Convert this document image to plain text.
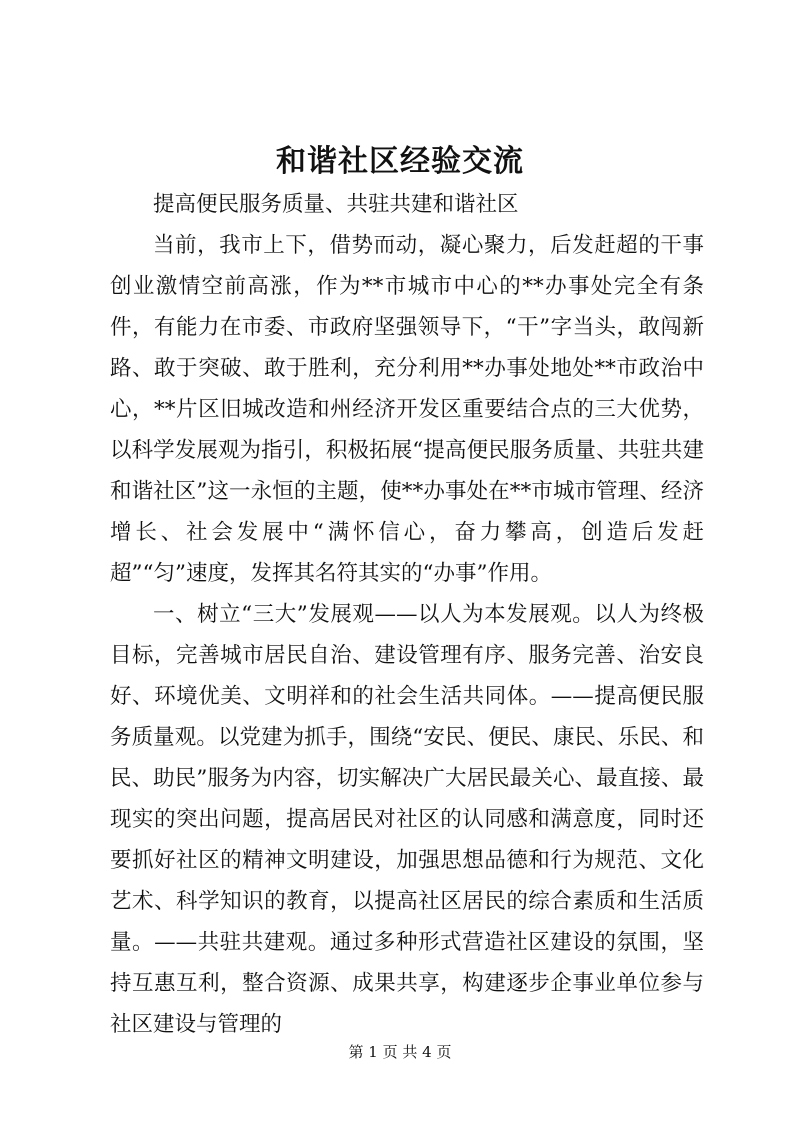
和谐社区经验交流

提高便民服务质量、共驻共建和谐社区

当前，我市上下，借势而动，凝心聚力，后发赶超的干事创业激情空前高涨，作为**市城市中心的**办事处完全有条件，有能力在市委、市政府坚强领导下，“干”字当头，敢闯新路、敢于突破、敢于胜利，充分利用**办事处地处**市政治中心，**片区旧城改造和州经济开发区重要结合点的三大优势，以科学发展观为指引，积极拓展“提高便民服务质量、共驻共建和谐社区”这一永恒的主题，使**办事处在**市城市管理、经济增长、社会发展中“满怀信心，奋力攀高，创造后发赶超”“匀”速度，发挥其名符其实的“办事”作用。

一、树立“三大”发展观——以人为本发展观。以人为终极目标，完善城市居民自治、建设管理有序、服务完善、治安良好、环境优美、文明祥和的社会生活共同体。——提高便民服务质量观。以党建为抓手，围绕“安民、便民、康民、乐民、和民、助民”服务为内容，切实解决广大居民最关心、最直接、最现实的突出问题，提高居民对社区的认同感和满意度，同时还要抓好社区的精神文明建设，加强思想品德和行为规范、文化艺术、科学知识的教育，以提高社区居民的综合素质和生活质量。——共驻共建观。通过多种形式营造社区建设的氛围，坚持互惠互利，整合资源、成果共享，构建逐步企事业单位参与社区建设与管理的

第 1 页 共 4 页
